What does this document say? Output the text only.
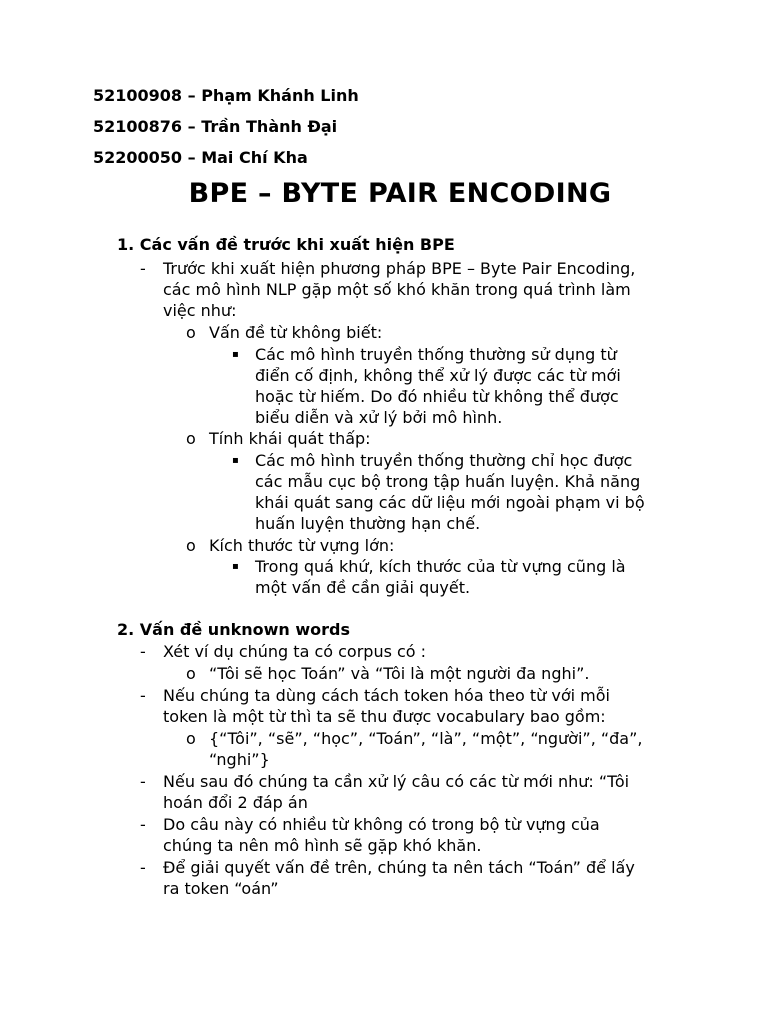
52100908 – Phạm Khánh Linh
52100876 – Trần Thành Đại
52200050 – Mai Chí Kha
BPE – BYTE PAIR ENCODING
1. Các vấn đề trước khi xuất hiện BPE
- Trước khi xuất hiện phương pháp BPE – Byte Pair Encoding,
các mô hình NLP gặp một số khó khăn trong quá trình làm
việc như:
o Vấn đề từ không biết:
▪ Các mô hình truyền thống thường sử dụng từ
điển cố định, không thể xử lý được các từ mới
hoặc từ hiếm. Do đó nhiều từ không thể được
biểu diễn và xử lý bởi mô hình.
o Tính khái quát thấp:
▪ Các mô hình truyền thống thường chỉ học được
các mẫu cục bộ trong tập huấn luyện. Khả năng
khái quát sang các dữ liệu mới ngoài phạm vi bộ
huấn luyện thường hạn chế.
o Kích thước từ vựng lớn:
▪ Trong quá khứ, kích thước của từ vựng cũng là
một vấn đề cần giải quyết.
2. Vấn đề unknown words
- Xét ví dụ chúng ta có corpus có :
o “Tôi sẽ học Toán” và “Tôi là một người đa nghi”.
- Nếu chúng ta dùng cách tách token hóa theo từ với mỗi
token là một từ thì ta sẽ thu được vocabulary bao gồm:
o {“Tôi”, “sẽ”, “học”, “Toán”, “là”, “một”, “người”, “đa”,
“nghi”}
- Nếu sau đó chúng ta cần xử lý câu có các từ mới như: “Tôi
hoán đổi 2 đáp án
- Do câu này có nhiều từ không có trong bộ từ vựng của
chúng ta nên mô hình sẽ gặp khó khăn.
- Để giải quyết vấn đề trên, chúng ta nên tách “Toán” để lấy
ra token “oán”
